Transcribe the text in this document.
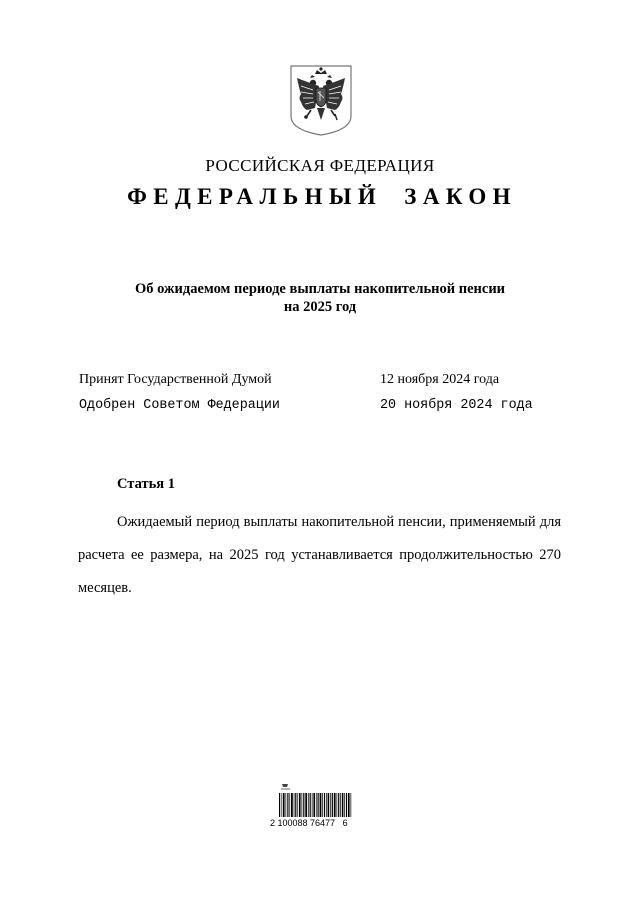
РОССИЙСКАЯ ФЕДЕРАЦИЯ
ФЕДЕРАЛЬНЫЙ ЗАКОН
Об ожидаемом периоде выплаты накопительной пенсии
на 2025 год
Принят Государственной Думой	12 ноября 2024 года
Одобрен Советом Федерации	20 ноября 2024 года
Статья 1

Ожидаемый период выплаты накопительной пенсии, применяемый для расчета ее размера, на 2025 год устанавливается продолжительностью 270 месяцев.

2 100088 76477   6
